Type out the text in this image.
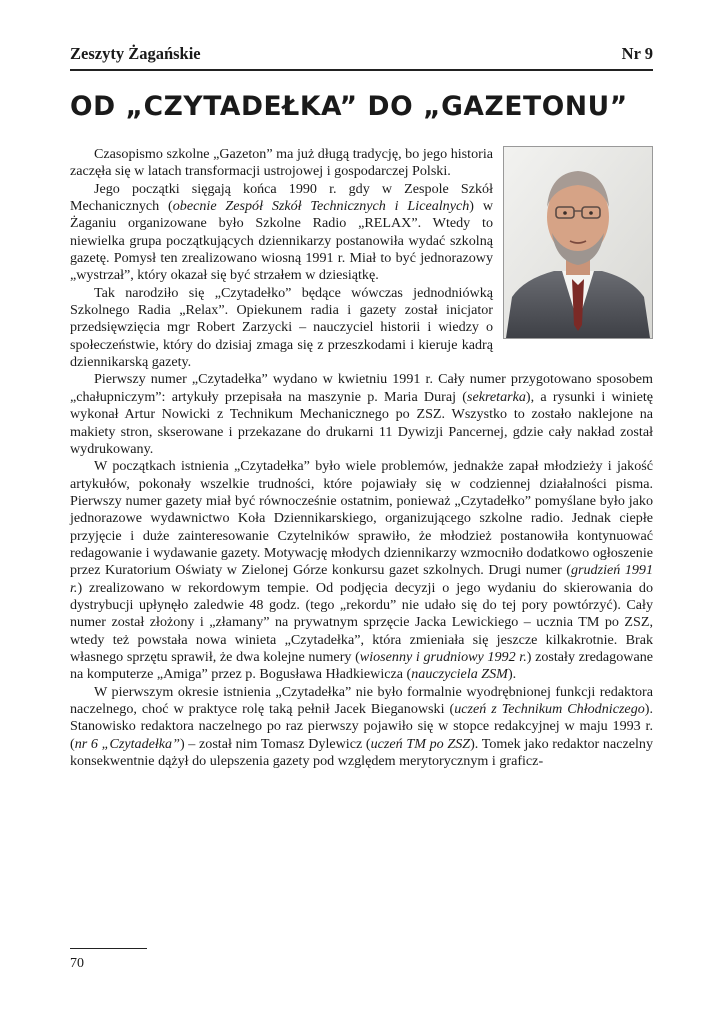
Zeszyty Żagańskie	Nr 9
OD „CZYTADEŁKA” DO „GAZETONU”

Czasopismo szkolne „Gazeton” ma już długą tradycję, bo jego historia zaczęła się w latach transformacji ustrojowej i gospodarczej Polski.

Jego początki sięgają końca 1990 r. gdy w Zespole Szkół Mechanicznych (obecnie Zespół Szkół Technicznych i Licealnych) w Żaganiu organizowane było Szkolne Radio „RELAX”. Wtedy to niewielka grupa początkujących dziennikarzy postanowiła wydać szkolną gazetę. Pomysł ten zrealizowano wiosną 1991 r. Miał to być jednorazowy „wystrzał”, który okazał się być strzałem w dziesiątkę.

Tak narodziło się „Czytadełko” będące wówczas jednodniówką Szkolnego Radia „Relax”. Opiekunem radia i gazety został inicjator przedsięwzięcia mgr Robert Zarzycki – nauczyciel historii i wiedzy o społeczeństwie, który do dzisiaj zmaga się z przeszkodami i kieruje kadrą dziennikarską gazety.

Pierwszy numer „Czytadełka” wydano w kwietniu 1991 r. Cały numer przygotowano sposobem „chałupniczym”: artykuły przepisała na maszynie p. Maria Duraj (sekretarka), a rysunki i winietę wykonał Artur Nowicki z Technikum Mechanicznego po ZSZ. Wszystko to zostało naklejone na makiety stron, skserowane i przekazane do drukarni 11 Dywizji Pancernej, gdzie cały nakład został wydrukowany.

W początkach istnienia „Czytadełka” było wiele problemów, jednakże zapał młodzieży i jakość artykułów, pokonały wszelkie trudności, które pojawiały się w codziennej działalności pisma. Pierwszy numer gazety miał być równocześnie ostatnim, ponieważ „Czytadełko” pomyślane było jako jednorazowe wydawnictwo Koła Dziennikarskiego, organizującego szkolne radio. Jednak ciepłe przyjęcie i duże zainteresowanie Czytelników sprawiło, że młodzież postanowiła kontynuować redagowanie i wydawanie gazety. Motywację młodych dziennikarzy wzmocniło dodatkowo ogłoszenie przez Kuratorium Oświaty w Zielonej Górze konkursu gazet szkolnych. Drugi numer (grudzień 1991 r.) zrealizowano w rekordowym tempie. Od podjęcia decyzji o jego wydaniu do skierowania do dystrybucji upłynęło zaledwie 48 godz. (tego „rekordu” nie udało się do tej pory powtórzyć). Cały numer został złożony i „złamany” na prywatnym sprzęcie Jacka Lewickiego – ucznia TM po ZSZ, wtedy też powstała nowa winieta „Czytadełka”, która zmieniała się jeszcze kilkakrotnie. Brak własnego sprzętu sprawił, że dwa kolejne numery (wiosenny i grudniowy 1992 r.) zostały zredagowane na komputerze „Amiga” przez p. Bogusława Hładkiewicza (nauczyciela ZSM).

W pierwszym okresie istnienia „Czytadełka” nie było formalnie wyodrębnionej funkcji redaktora naczelnego, choć w praktyce rolę taką pełnił Jacek Bieganowski (uczeń z Technikum Chłodniczego). Stanowisko redaktora naczelnego po raz pierwszy pojawiło się w stopce redakcyjnej w maju 1993 r. (nr 6 „Czytadełka”) – został nim Tomasz Dylewicz (uczeń TM po ZSZ). Tomek jako redaktor naczelny konsekwentnie dążył do ulepszenia gazety pod względem merytorycznym i graficz-

70
